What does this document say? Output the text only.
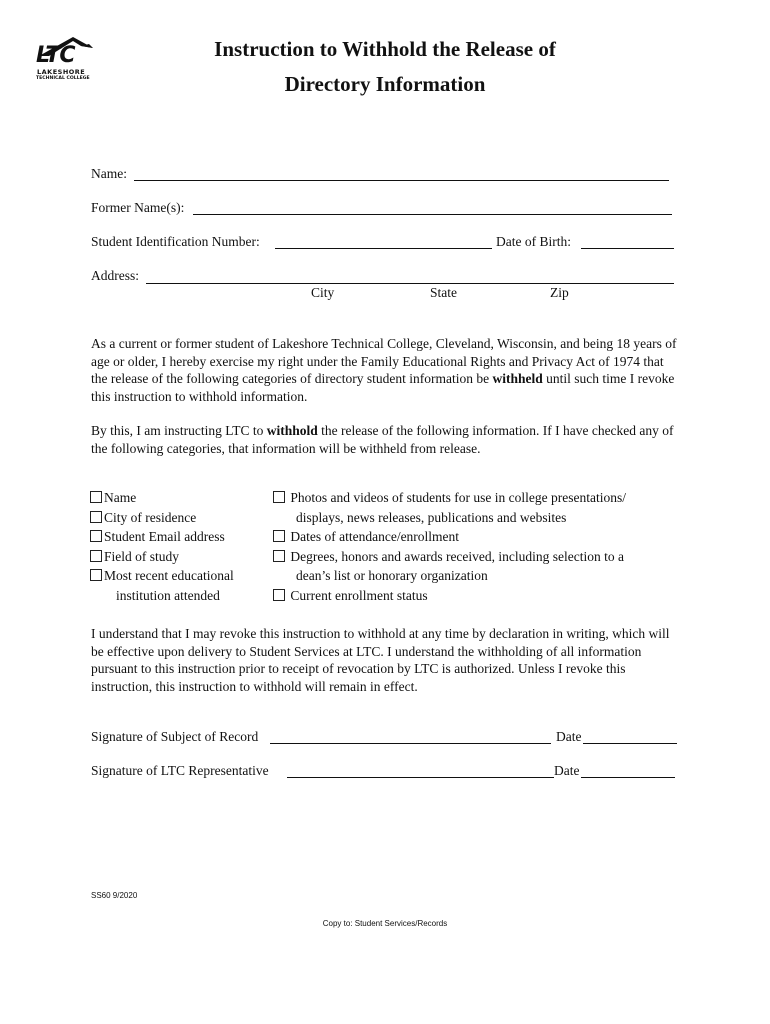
LTC
LAKESHORE
TECHNICAL COLLEGE
Instruction to Withhold the Release of
Directory Information
Name:
Former Name(s):
Student Identification Number:	Date of Birth:
Address:
City	State	Zip
As a current or former student of Lakeshore Technical College, Cleveland, Wisconsin, and being 18 years of age or older, I hereby exercise my right under the Family Educational Rights and Privacy Act of 1974 that the release of the following categories of directory student information be withheld until such time I revoke this instruction to withhold information.
By this, I am instructing LTC to withhold the release of the following information. If I have checked any of the following categories, that information will be withheld from release.
Name
City of residence
Student Email address
Field of study
Most recent educational
institution attended
Photos and videos of students for use in college presentations/
displays, news releases, publications and websites
Dates of attendance/enrollment
Degrees, honors and awards received, including selection to a
dean’s list or honorary organization
Current enrollment status
I understand that I may revoke this instruction to withhold at any time by declaration in writing, which will be effective upon delivery to Student Services at LTC. I understand the withholding of all information pursuant to this instruction prior to receipt of revocation by LTC is authorized. Unless I revoke this instruction, this instruction to withhold will remain in effect.
Signature of Subject of Record	Date
Signature of LTC Representative	Date
SS60 9/2020
Copy to: Student Services/Records
